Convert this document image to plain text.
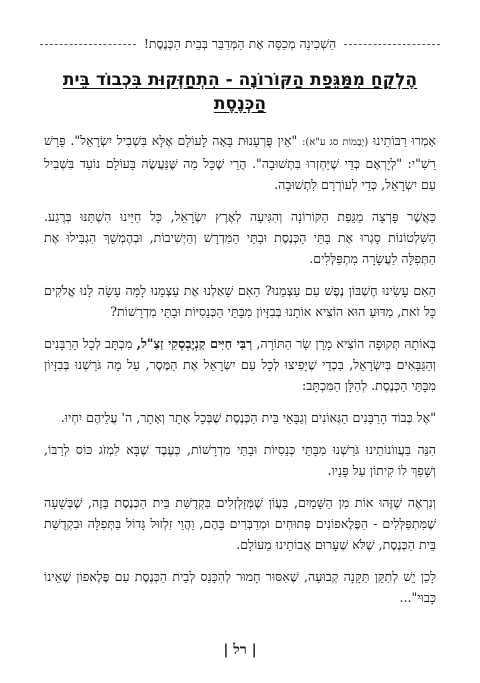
הַשְׁכִינָה מְכַסָּה אֶת הַמְּדַבֵּר בְּבֵית הַכְּנֶסֶת!
הֶלְקֵחַ מִמַּגֵּפַת הַקּוֹרוֹנָה - הִתְחַזְּקוּת בִּכְבוֹד בֵּית הַכְּנֶסֶת

אָמְרוּ רַבּוֹתֵינוּ (יְבָמוֹת סג ע"א): "אֵין פֻּרְעָנוּת בָּאָה לָעוֹלָם אֶלָּא בִּשְׁבִיל יִשְׂרָאֵל". פֵּרֵשׁ רַשִׁ"י: "לְיָרְאָם כְּדֵי שֶׁיַּחְזְרוּ בִּתְשׁוּבָה". הֲרֵי שֶׁכָּל מַה שֶּׁנַּעֲשֶׂה בָּעוֹלָם נוֹעַד בִּשְׁבִיל עַם יִשְׂרָאֵל, כְּדֵי לְעוֹרְרָם לִתְשׁוּבָה.

כַּאֲשֶׁר פָּרְצָה מַגֵּפַת הַקּוֹרוֹנָה וְהִגִּיעָה לְאֶרֶץ יִשְׂרָאֵל, כָּל חַיֵּינוּ הִשְׁתַּנּוּ בְּרֶגַע. הַשִּׁלְטוֹנוֹת סָגְרוּ אֶת בָּתֵּי הַכְּנֶסֶת וּבָתֵּי הַמִּדְרָשׁ וְהַיְשִׁיבוֹת, וּבְהֶמְשֵׁךְ הִגְבִּילוּ אֶת הַתְּפִלָּה לַעֲשָׂרָה מִתְפַּלְּלִים.

הַאִם עָשִׂינוּ חֶשְׁבּוֹן נֶפֶשׁ עִם עַצְמֵנוּ? הַאִם שָׁאַלְנוּ אֶת עַצְמֵנוּ לָמָּה עָשָׂה לָנוּ אֱלֹקִים כָּל זֹאת, מַדּוּעַ הוּא הוֹצִיא אוֹתָנוּ בְּבִזָּיוֹן מִבָּתֵּי הַכְּנֵסִיּוֹת וּבָתֵּי מִדְרָשׁוֹת?

בְּאוֹתָהּ תְּקוּפָה הוֹצִיא מָרָן שַׂר הַתּוֹרָה, רַבִּי חַיִּים קַנְיֶבְסְקִי זַצַ"ל, מִכְתָּב לְכָל הָרַבָּנִים וְהַגַּבָּאִים בְּיִשְׂרָאֵל, בִּכְדֵי שֶׁיָּפִיצוּ לְכָל עַם יִשְׂרָאֵל אֶת הַמֶּסֶר, עַל מָה גֹּרַשְׁנוּ בְּבִזָּיוֹן מִבָּתֵּי הַכְּנֶסֶת. לְהַלָּן הַמִּכְתָּב:

"אֶל כְּבוֹד הָרַבָּנִים הַגְּאוֹנִים וְגַבָּאֵי בֵּית הַכְּנֶסֶת שֶׁבְּכָל אָתָר וְאָתָר, ה' עֲלֵיהֶם יִחְיוּ.

הִנֵּה בַּעֲווֹנוֹתֵינוּ גֹּרַשְׁנוּ מִבָּתֵּי כְּנֵסִיּוֹת וּבָתֵּי מִדְרָשׁוֹת, כְּעֶבֶד שֶׁבָּא לִמְזֹג כּוֹס לְרַבּוֹ, וְשָׁפַךְ לוֹ קִיתוֹן עַל פָּנָיו.

וְנִרְאֶה שֶׁזֶּהוּ אוֹת מִן הַשָּׁמַיִם, בַּעֲוֹן שֶׁמְּזַלְזְלִים בִּקְדֻשַּׁת בֵּית הַכְּנֶסֶת בָּזֶה, שֶׁבְּשָׁעָה שֶׁמִּתְפַּלְּלִים - הַפֶּלֶאפוֹנִים פְּתוּחִים וּמְדַבְּרִים בָּהֶם, וַהֲוֵי זִלְזוּל גָּדוֹל בַּתְּפִלָּה וּבִקְדֻשַּׁת בֵּית הַכְּנֶסֶת, שֶׁלֹּא שְׁעָרוּם אֲבוֹתֵינוּ מֵעוֹלָם.

לָכֵן יֵשׁ לְתַקֵּן תַּקָּנָה קְבוּעָה, שֶׁאִסּוּר חָמוּר לְהִכָּנֵס לְבֵית הַכְּנֶסֶת עִם פֶּלֶאפוֹן שֶׁאֵינוֹ כָּבוּי"...

| רל |
